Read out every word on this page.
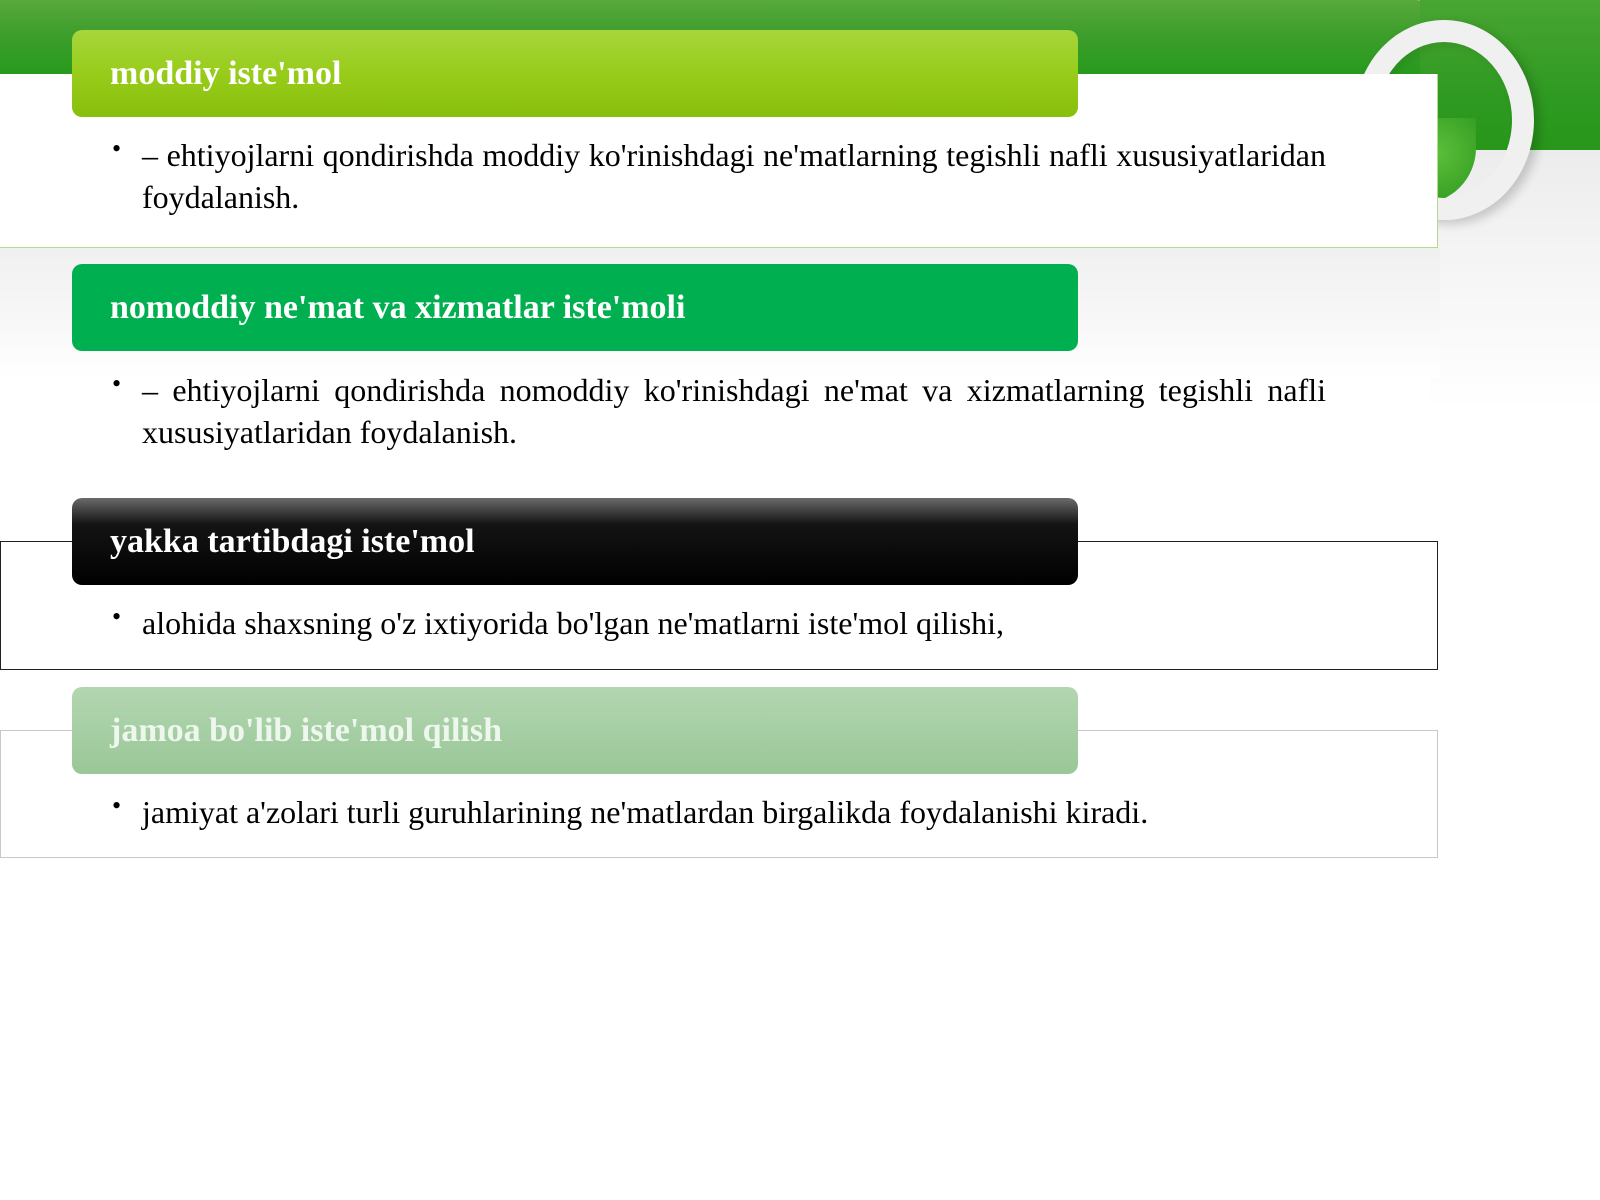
moddiy iste'mol
• – ehtiyojlarni qondirishda moddiy ko'rinishdagi ne'matlarning tegishli nafli xususiyatlaridan foydalanish.
nomoddiy ne'mat va xizmatlar iste'moli
• – ehtiyojlarni qondirishda nomoddiy ko'rinishdagi ne'mat va xizmatlarning tegishli nafli xususiyatlaridan foydalanish.
yakka tartibdagi iste'mol
• alohida shaxsning o'z ixtiyorida bo'lgan ne'matlarni iste'mol qilishi,
jamoa bo'lib iste'mol qilish
• jamiyat a'zolari turli guruhlarining ne'matlardan birgalikda foydalanishi kiradi.
